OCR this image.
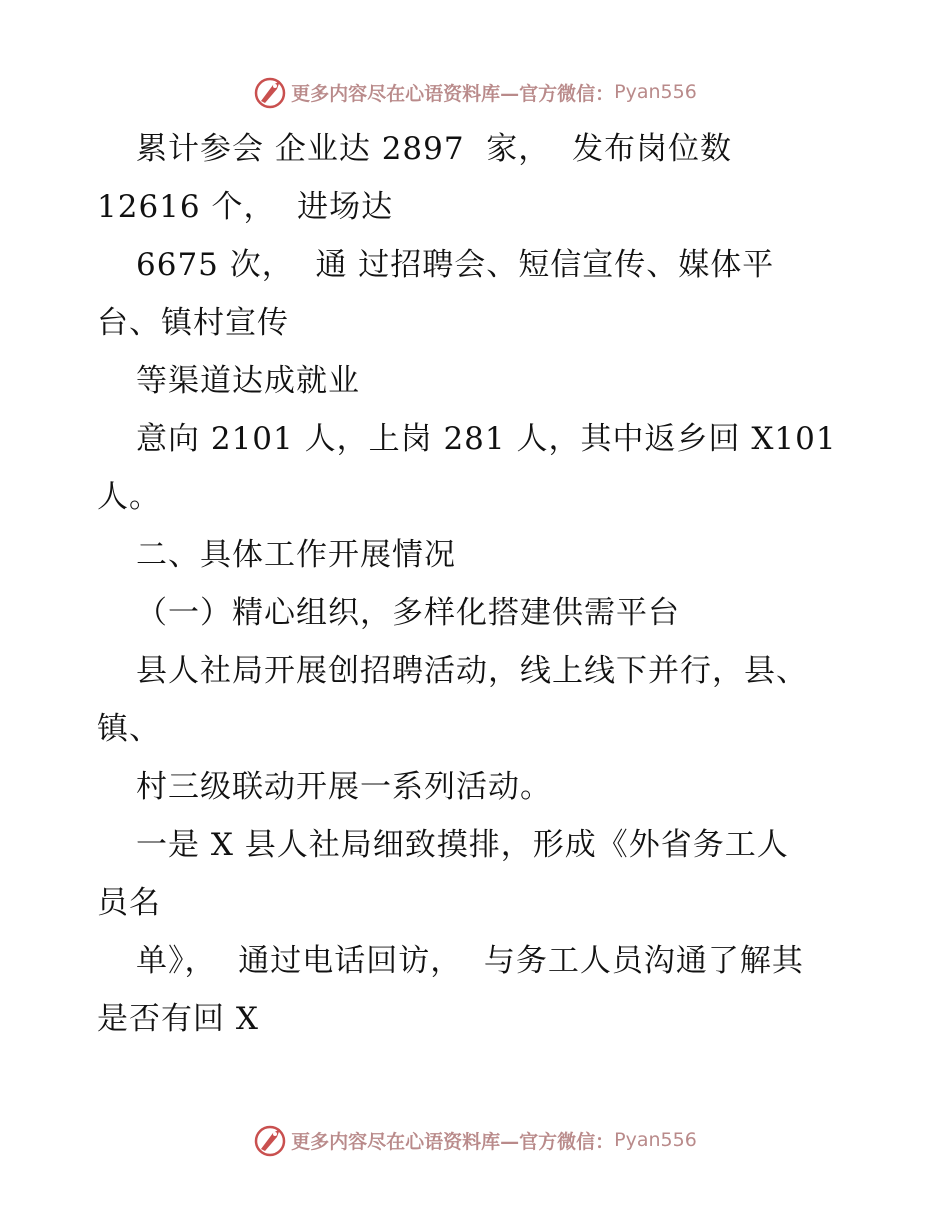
更多内容尽在心语资料库—官方微信： Pyan556
累计参会 企业达 2897  家，  发布岗位数
12616 个，  进场达
6675 次，  通 过招聘会、短信宣传、媒体平
台、镇村宣传
等渠道达成就业
意向 2101 人，上岗 281 人，其中返乡回 X101
人。
二、具体工作开展情况
（一）精心组织，多样化搭建供需平台
县人社局开展创招聘活动，线上线下并行，县、
镇、
村三级联动开展一系列活动。
一是 X 县人社局细致摸排，形成《外省务工人
员名
单》，  通过电话回访，  与务工人员沟通了解其
是否有回 X
更多内容尽在心语资料库—官方微信： Pyan556
